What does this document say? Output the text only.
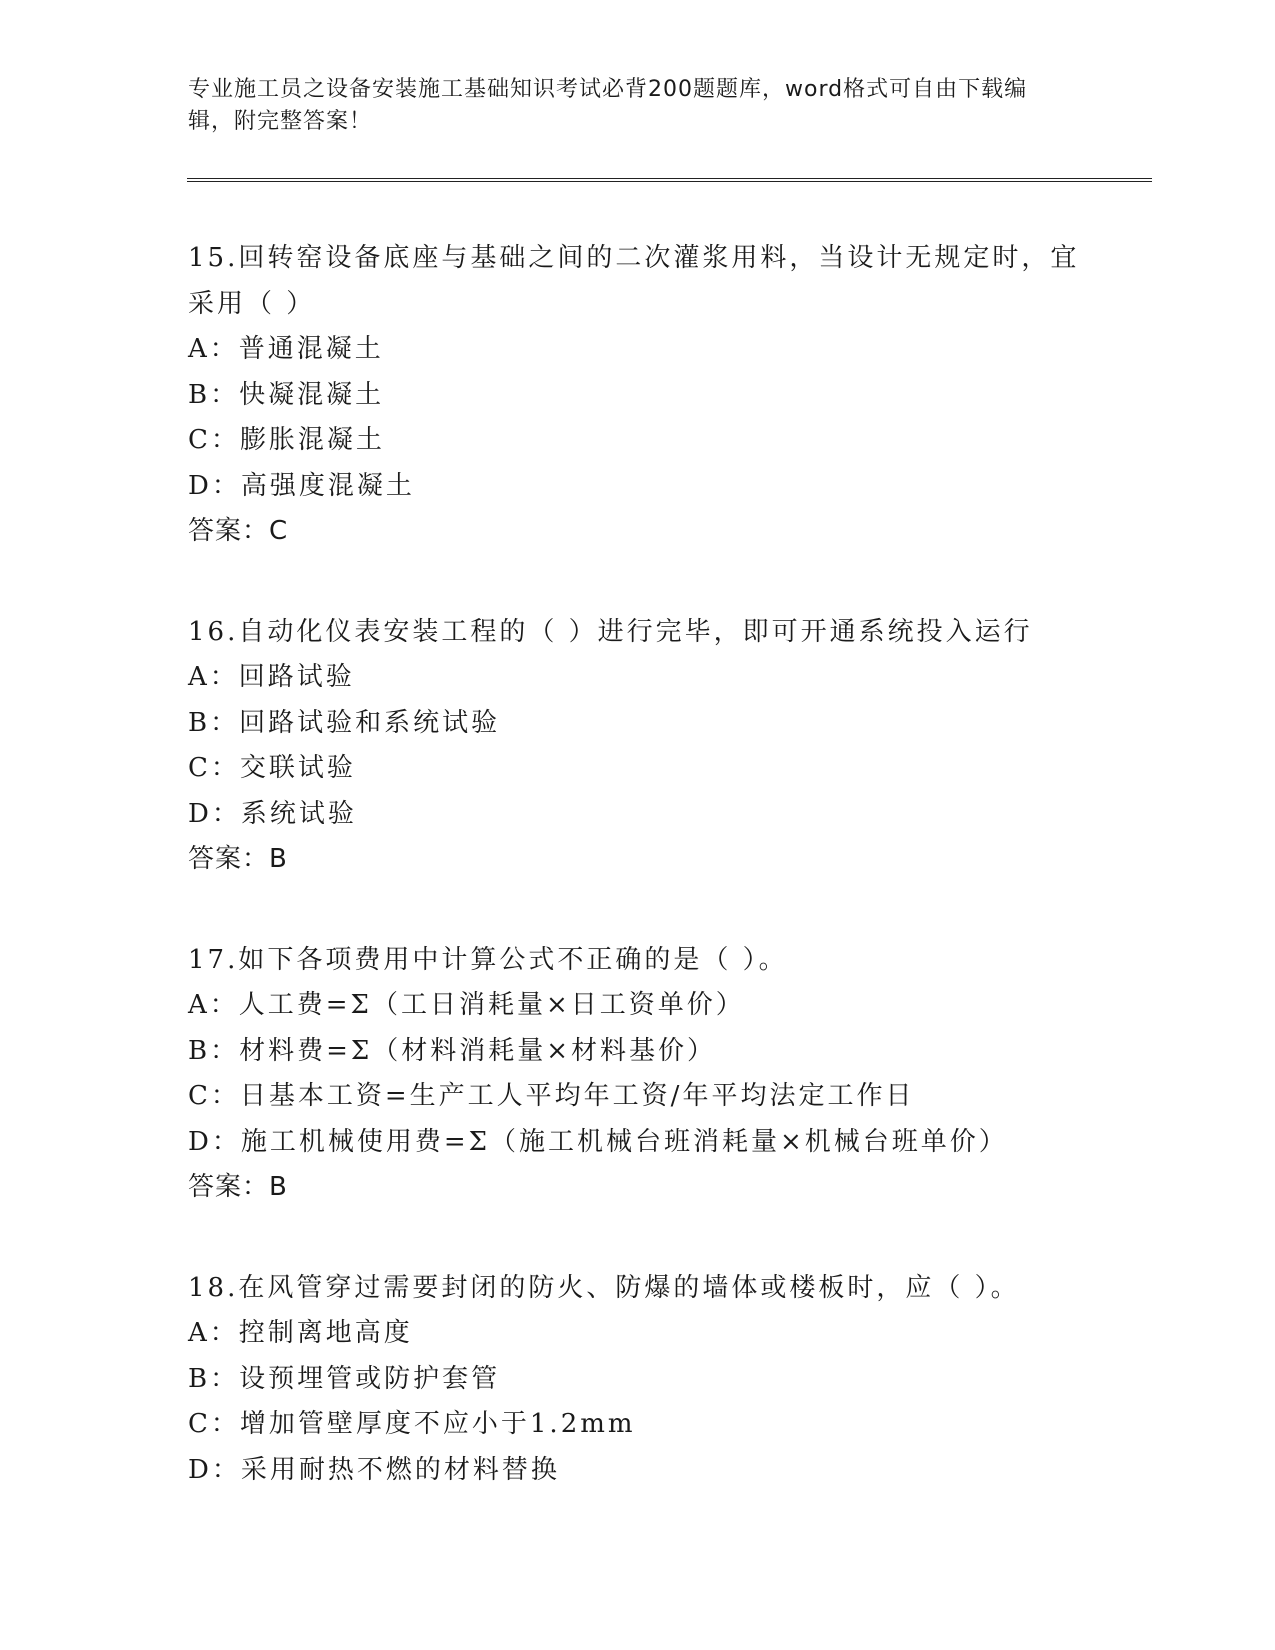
专业施工员之设备安装施工基础知识考试必背200题题库，word格式可自由下载编辑，附完整答案！
15.回转窑设备底座与基础之间的二次灌浆用料，当设计无规定时，宜采用（ ）
A：普通混凝土
B：快凝混凝土
C：膨胀混凝土
D：高强度混凝土
答案：C
16.自动化仪表安装工程的（ ）进行完毕，即可开通系统投入运行
A：回路试验
B：回路试验和系统试验
C：交联试验
D：系统试验
答案：B
17.如下各项费用中计算公式不正确的是（ ）。
A：人工费=Σ（工日消耗量×日工资单价）
B：材料费=Σ（材料消耗量×材料基价）
C：日基本工资=生产工人平均年工资/年平均法定工作日
D：施工机械使用费=Σ（施工机械台班消耗量×机械台班单价）
答案：B
18.在风管穿过需要封闭的防火、防爆的墙体或楼板时，应（ ）。
A：控制离地高度
B：设预埋管或防护套管
C：增加管壁厚度不应小于1.2mm
D：采用耐热不燃的材料替换
